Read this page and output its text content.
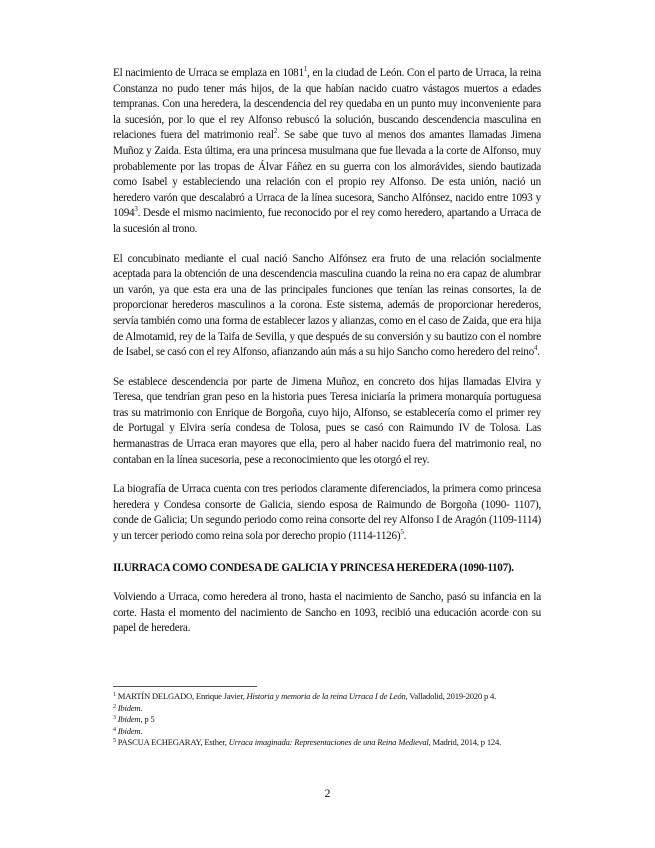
El nacimiento de Urraca se emplaza en 1081$^1$, en la ciudad de León. Con el parto de Urraca, la reina Constanza no pudo tener más hijos, de la que habían nacido cuatro vástagos muertos a edades tempranas. Con una heredera, la descendencia del rey quedaba en un punto muy inconveniente para la sucesión, por lo que el rey Alfonso rebuscó la solución, buscando descendencia masculina en relaciones fuera del matrimonio real$^2$. Se sabe que tuvo al menos dos amantes llamadas Jimena Muñoz y Zaida. Esta última, era una princesa musulmana que fue llevada a la corte de Alfonso, muy probablemente por las tropas de Álvar Fáñez en su guerra con los almorávides, siendo bautizada como Isabel y estableciendo una relación con el propio rey Alfonso. De esta unión, nació un heredero varón que descalabró a Urraca de la línea sucesora, Sancho Alfónsez, nacido entre 1093 y 1094$^3$. Desde el mismo nacimiento, fue reconocido por el rey como heredero, apartando a Urraca de la sucesión al trono.

El concubinato mediante el cual nació Sancho Alfónsez era fruto de una relación socialmente aceptada para la obtención de una descendencia masculina cuando la reina no era capaz de alumbrar un varón, ya que esta era una de las principales funciones que tenían las reinas consortes, la de proporcionar herederos masculinos a la corona. Este sistema, además de proporcionar herederos, servía también como una forma de establecer lazos y alianzas, como en el caso de Zaida, que era hija de Almotamid, rey de la Taifa de Sevilla, y que después de su conversión y su bautizo con el nombre de Isabel, se casó con el rey Alfonso, afianzando aún más a su hijo Sancho como heredero del reino$^4$.

Se establece descendencia por parte de Jimena Muñoz, en concreto dos hijas llamadas Elvira y Teresa, que tendrían gran peso en la historia pues Teresa iniciaría la primera monarquía portuguesa tras su matrimonio con Enrique de Borgoña, cuyo hijo, Alfonso, se establecería como el primer rey de Portugal y Elvira sería condesa de Tolosa, pues se casó con Raimundo IV de Tolosa. Las hermanastras de Urraca eran mayores que ella, pero al haber nacido fuera del matrimonio real, no contaban en la línea sucesoria, pese a reconocimiento que les otorgó el rey.

La biografía de Urraca cuenta con tres periodos claramente diferenciados, la primera como princesa heredera y Condesa consorte de Galicia, siendo esposa de Raimundo de Borgoña (1090- 1107), conde de Galicia; Un segundo periodo como reina consorte del rey Alfonso I de Aragón (1109-1114) y un tercer periodo como reina sola por derecho propio (1114-1126)$^5$.

II.URRACA COMO CONDESA DE GALICIA Y PRINCESA HEREDERA (1090-1107).

Volviendo a Urraca, como heredera al trono, hasta el nacimiento de Sancho, pasó su infancia en la corte. Hasta el momento del nacimiento de Sancho en 1093, recibió una educación acorde con su papel de heredera.

$^1$ MARTÍN DELGADO, Enrique Javier, Historia y memoria de la reina Urraca I de León, Valladolid, 2019-2020 p 4.
$^2$ Ibidem.
$^3$ Ibidem, p 5
$^4$ Ibidem.
$^5$ PASCUA ECHEGARAY, Esther, Urraca imaginada: Representaciones de una Reina Medieval, Madrid, 2014, p 124.
2
